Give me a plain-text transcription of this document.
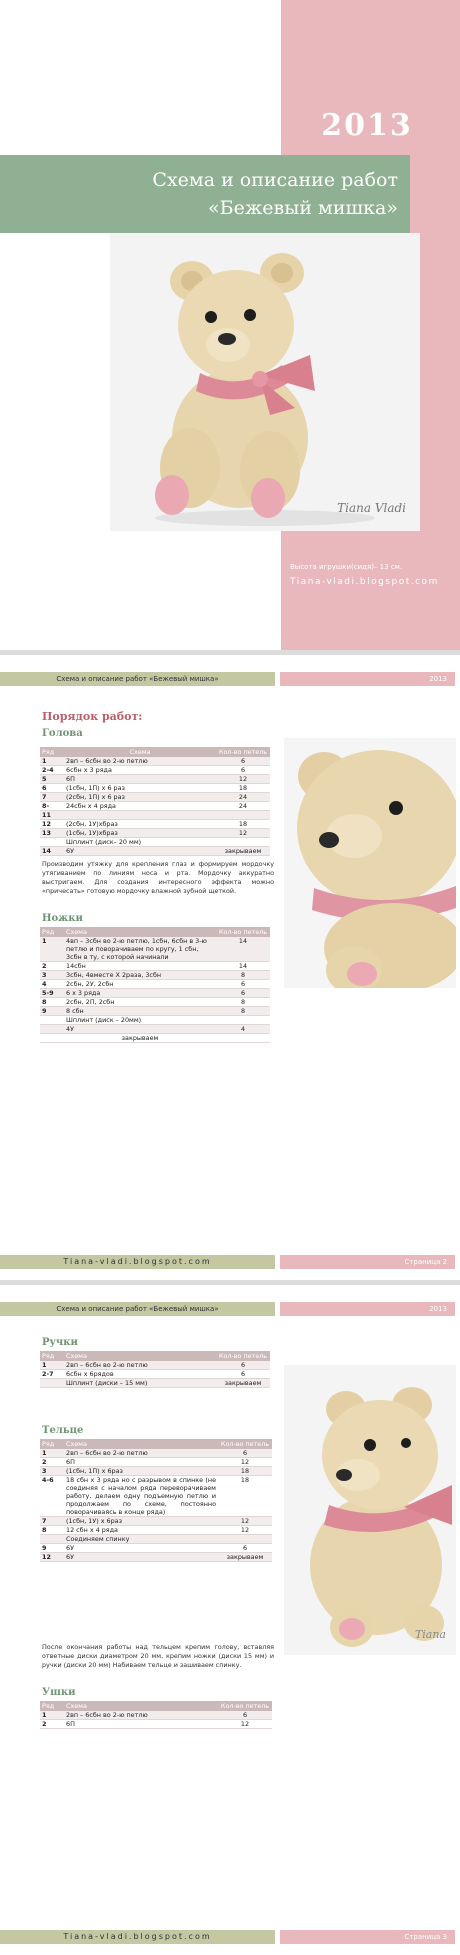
2013
Схема и описание работ
«Бежевый мишка»
Tiana Vladi
Высота игрушки(сидя)– 13 см.
Tiana-vladi.blogspot.com
Схема и описание работ «Бежевый мишка»	2013
Порядок работ:
Голова
Ряд	Схема	Кол-во петель
1	2вп – 6сбн во 2-ю петлю	6
2-4	6сбн х 3 ряда	6
5	6П	12
6	(1сбн, 1П) х 6 раз	18
7	(2сбн, 1П) х 6 раз	24
8-	24сбн х 4 ряда	24
11		
12	(2сбн, 1У)хбраз	18
13	(1сбн, 1У)хбраз	12
	Шплинт (диск– 20 мм)	
14	6У	закрываем
Производим утяжку для крепления глаз и формируем мордочку утягиванием по линиям носа и рта. Мордочку аккуратно выстригаем. Для создания интересного эффекта можно «причесать» готовую мордочку влажной зубной щеткой.
Ножки
Ряд	Схема	Кол-во петель
1	4вп – 3сбн во 2-ю петлю, 1сбн, 6сбн в 3-ю петлю и поворачиваем по кругу, 1 сбн, 3сбн в ту, с которой начинали	14
2	14сбн	14
3	3сбн, 4вместе Х 2раза, 3сбн	8
4	2сбн, 2У, 2сбн	6
5-9	6 х 3 ряда	6
8	2сбн, 2П, 2сбн	8
9	8 сбн	8
	Шплинт (диск – 20мм)	
	4У	4
	закрываем	
Tiana-vladi.blogspot.com	Страница 2
Схема и описание работ «Бежевый мишка»	2013
Ручки
Ряд	Схема	Кол-во петель
1	2вп – 6сбн во 2-ю петлю	6
2-7	6сбн х 6рядов	6
	Шплинт (диски – 15 мм)	закрываем
Тельце
Ряд	Схема	Кол-во петель
1	2вп – 6сбн во 2-ю петлю	6
2	6П	12
3	(1сбн, 1П) х 6раз	18
4-6	18 сбн х 3 ряда но с разрывом в спинке (не соединяя с началом ряда переворачиваем работу, делаем одну подъемную петлю и продолжаем по схеме, постоянно поворачиваясь в конце ряда)	18
7	(1сбн, 1У) х 6раз	12
8	12 сбн х 4 ряда	12
	Соединяем спинку	
9	6У	6
12	6У	закрываем
После окончания работы над тельцем крепим голову, вставляя ответные диски диаметром 20 мм, крепим ножки (диски 15 мм) и ручки (диски 20 мм) Набиваем тельце и зашиваем спинку.
Ушки
Ряд	Схема	Кол-во петель
1	2вп – 6сбн во 2-ю петлю	6
2	6П	12
Tiana
Tiana-vladi.blogspot.com	Страница 3
